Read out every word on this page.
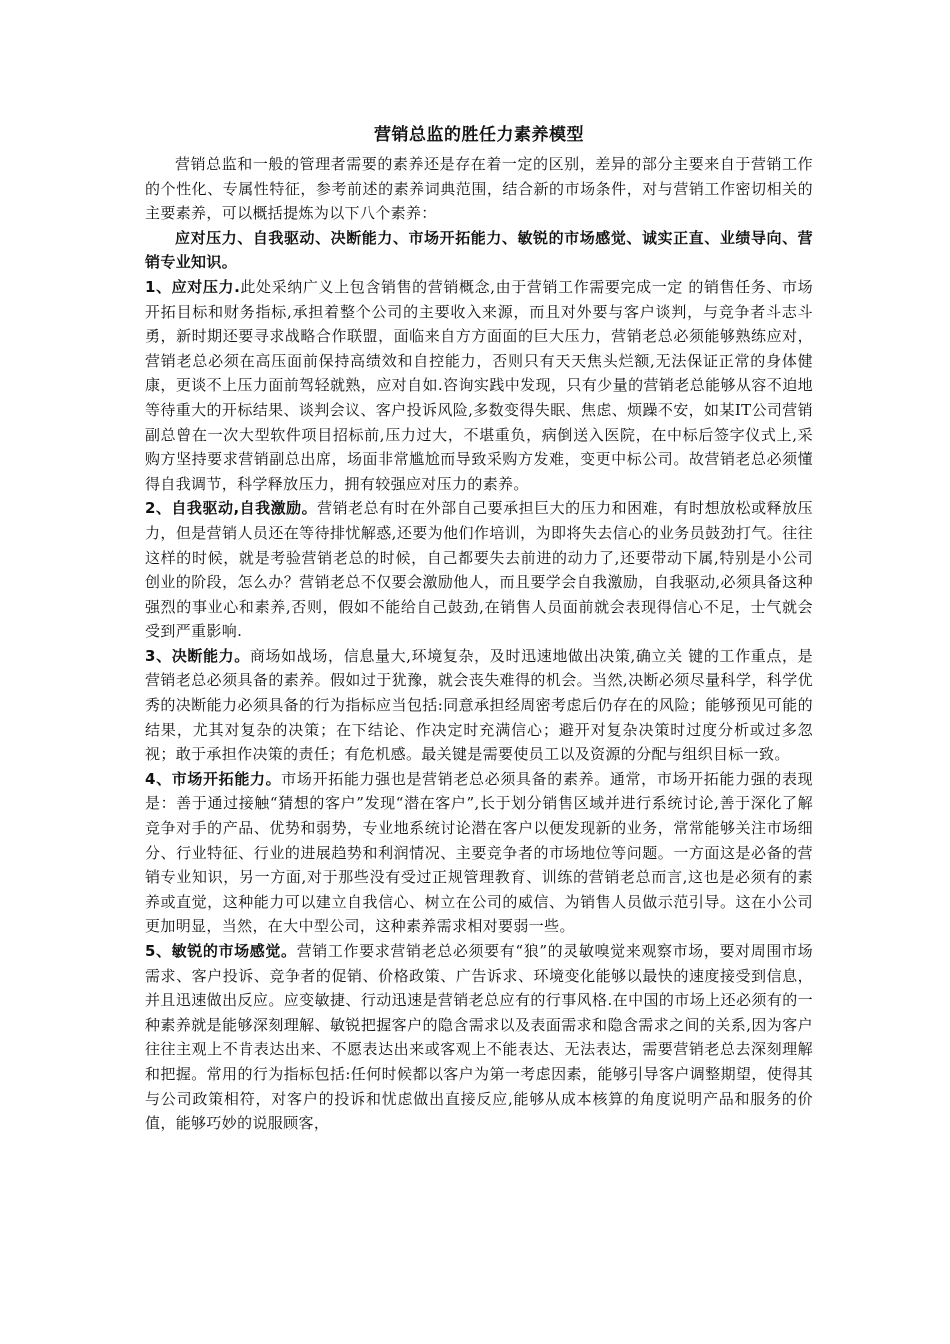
营销总监的胜任力素养模型

营销总监和一般的管理者需要的素养还是存在着一定的区别，差异的部分主要来自于营销工作的个性化、专属性特征，参考前述的素养词典范围，结合新的市场条件，对与营销工作密切相关的主要素养，可以概括提炼为以下八个素养：

应对压力、自我驱动、决断能力、市场开拓能力、敏锐的市场感觉、诚实正直、业绩导向、营销专业知识。

1、应对压力.此处采纳广义上包含销售的营销概念,由于营销工作需要完成一定 的销售任务、市场开拓目标和财务指标,承担着整个公司的主要收入来源，而且对外要与客户谈判，与竞争者斗志斗勇，新时期还要寻求战略合作联盟，面临来自方方面面的巨大压力，营销老总必须能够熟练应对，营销老总必须在高压面前保持高绩效和自控能力，否则只有天天焦头烂额,无法保证正常的身体健康，更谈不上压力面前驾轻就熟，应对自如.咨询实践中发现，只有少量的营销老总能够从容不迫地等待重大的开标结果、谈判会议、客户投诉风险,多数变得失眠、焦虑、烦躁不安，如某IT公司营销副总曾在一次大型软件项目招标前,压力过大，不堪重负，病倒送入医院，在中标后签字仪式上,采购方坚持要求营销副总出席，场面非常尴尬而导致采购方发难，变更中标公司。故营销老总必须懂得自我调节，科学释放压力，拥有较强应对压力的素养。

2、自我驱动,自我激励。营销老总有时在外部自己要承担巨大的压力和困难，有时想放松或释放压力，但是营销人员还在等待排忧解惑,还要为他们作培训，为即将失去信心的业务员鼓劲打气。往往这样的时候，就是考验营销老总的时候，自己都要失去前进的动力了,还要带动下属,特别是小公司创业的阶段，怎么办？营销老总不仅要会激励他人，而且要学会自我激励，自我驱动,必须具备这种强烈的事业心和素养,否则，假如不能给自己鼓劲,在销售人员面前就会表现得信心不足，士气就会受到严重影响.

3、决断能力。商场如战场，信息量大,环境复杂，及时迅速地做出决策,确立关 键的工作重点，是营销老总必须具备的素养。假如过于犹豫，就会丧失难得的机会。当然,决断必须尽量科学，科学优秀的决断能力必须具备的行为指标应当包括:同意承担经周密考虑后仍存在的风险；能够预见可能的结果，尤其对复杂的决策；在下结论、作决定时充满信心；避开对复杂决策时过度分析或过多忽视；敢于承担作决策的责任；有危机感。最关键是需要使员工以及资源的分配与组织目标一致。

4、市场开拓能力。市场开拓能力强也是营销老总必须具备的素养。通常，市场开拓能力强的表现是：善于通过接触“猜想的客户”发现“潜在客户”,长于划分销售区域并进行系统讨论,善于深化了解竞争对手的产品、优势和弱势，专业地系统讨论潜在客户以便发现新的业务，常常能够关注市场细分、行业特征、行业的进展趋势和利润情况、主要竞争者的市场地位等问题。一方面这是必备的营销专业知识，另一方面,对于那些没有受过正规管理教育、训练的营销老总而言,这也是必须有的素养或直觉，这种能力可以建立自我信心、树立在公司的威信、为销售人员做示范引导。这在小公司更加明显，当然，在大中型公司，这种素养需求相对要弱一些。

5、敏锐的市场感觉。营销工作要求营销老总必须要有“狼”的灵敏嗅觉来观察市场，要对周围市场需求、客户投诉、竞争者的促销、价格政策、广告诉求、环境变化能够以最快的速度接受到信息，并且迅速做出反应。应变敏捷、行动迅速是营销老总应有的行事风格.在中国的市场上还必须有的一种素养就是能够深刻理解、敏锐把握客户的隐含需求以及表面需求和隐含需求之间的关系,因为客户往往主观上不肯表达出来、不愿表达出来或客观上不能表达、无法表达，需要营销老总去深刻理解和把握。常用的行为指标包括:任何时候都以客户为第一考虑因素，能够引导客户调整期望，使得其与公司政策相符，对客户的投诉和忧虑做出直接反应,能够从成本核算的角度说明产品和服务的价值，能够巧妙的说服顾客，
